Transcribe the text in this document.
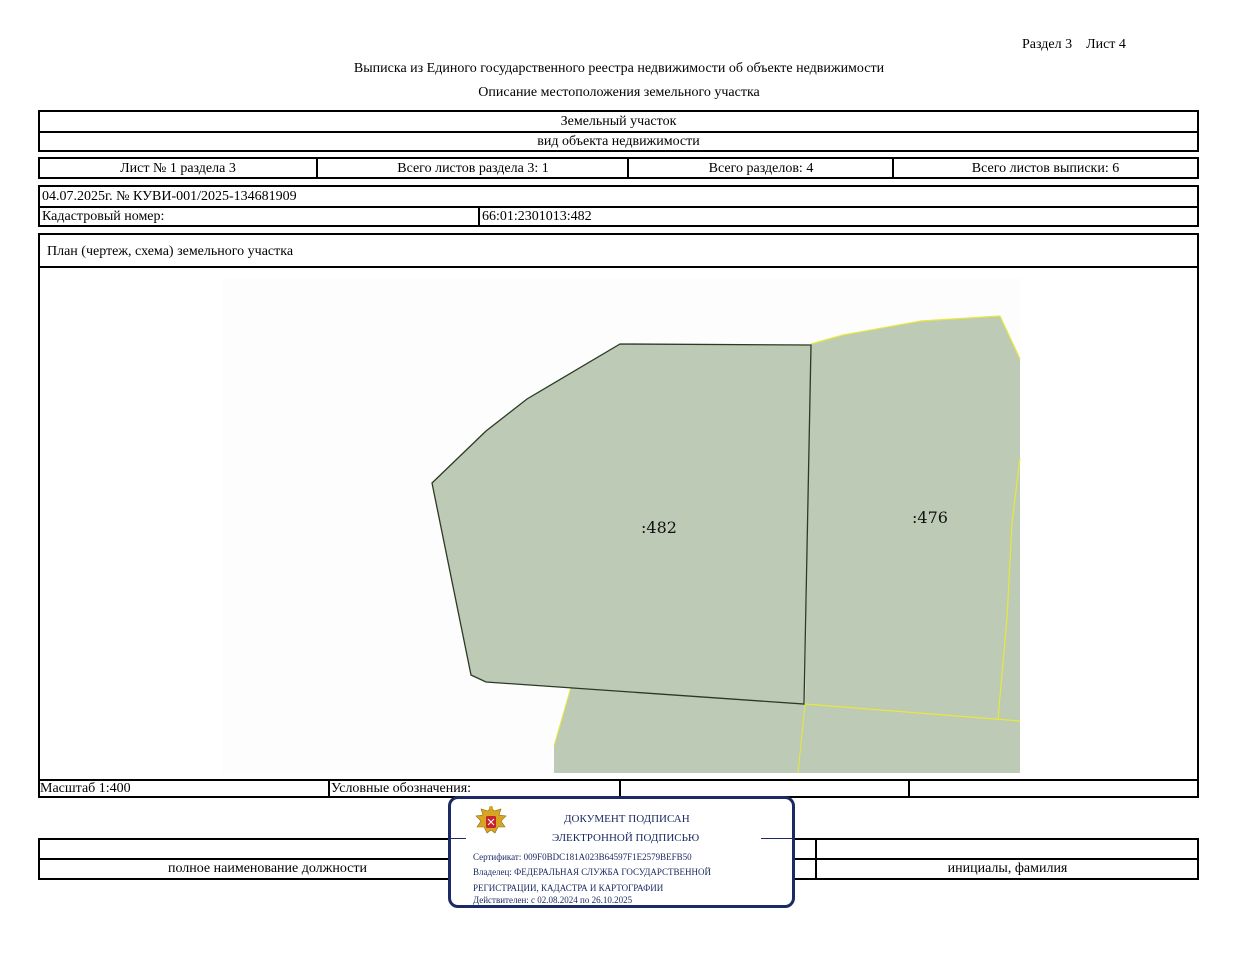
Раздел 3    Лист 4
Выписка из Единого государственного реестра недвижимости об объекте недвижимости
Описание местоположения земельного участка
Земельный участок
вид объекта недвижимости
Лист № 1 раздела 3	Всего листов раздела 3: 1	Всего разделов: 4	Всего листов выписки: 6
04.07.2025г. № КУВИ-001/2025-134681909
Кадастровый номер:	66:01:2301013:482
План (чертеж, схема) земельного участка
:482
:476
Масштаб 1:400	Условные обозначения:
полное наименование должности	инициалы, фамилия
ДОКУМЕНТ ПОДПИСАН
ЭЛЕКТРОННОЙ ПОДПИСЬЮ
Сертификат: 009F0BDC181A023B64597F1E2579BEFB50
Владелец: ФЕДЕРАЛЬНАЯ СЛУЖБА ГОСУДАРСТВЕННОЙ
РЕГИСТРАЦИИ, КАДАСТРА И КАРТОГРАФИИ
Действителен: с 02.08.2024 по 26.10.2025
